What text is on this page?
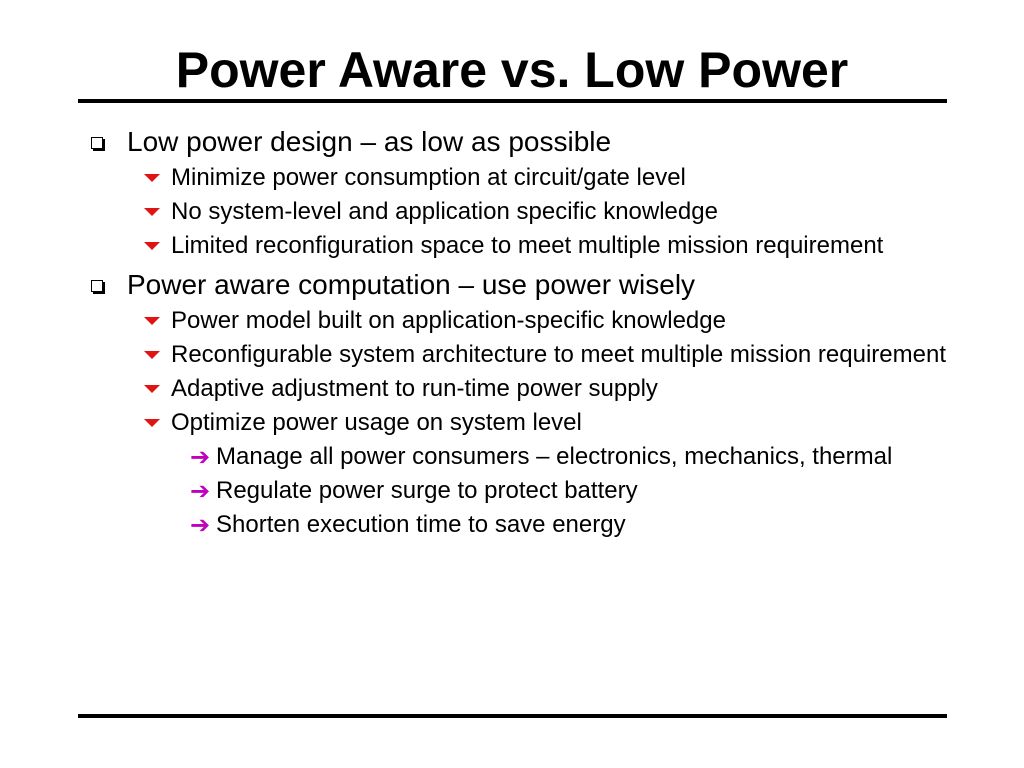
Power Aware vs. Low Power
Low power design – as low as possible
Minimize power consumption at circuit/gate level
No system-level and application specific knowledge
Limited reconfiguration space to meet multiple mission requirement
Power aware computation – use power wisely
Power model built on application-specific knowledge
Reconfigurable system architecture to meet multiple mission requirement
Adaptive adjustment to run-time power supply
Optimize power usage on system level
➔ Manage all power consumers – electronics, mechanics, thermal
➔ Regulate power surge to protect battery
➔ Shorten execution time to save energy
